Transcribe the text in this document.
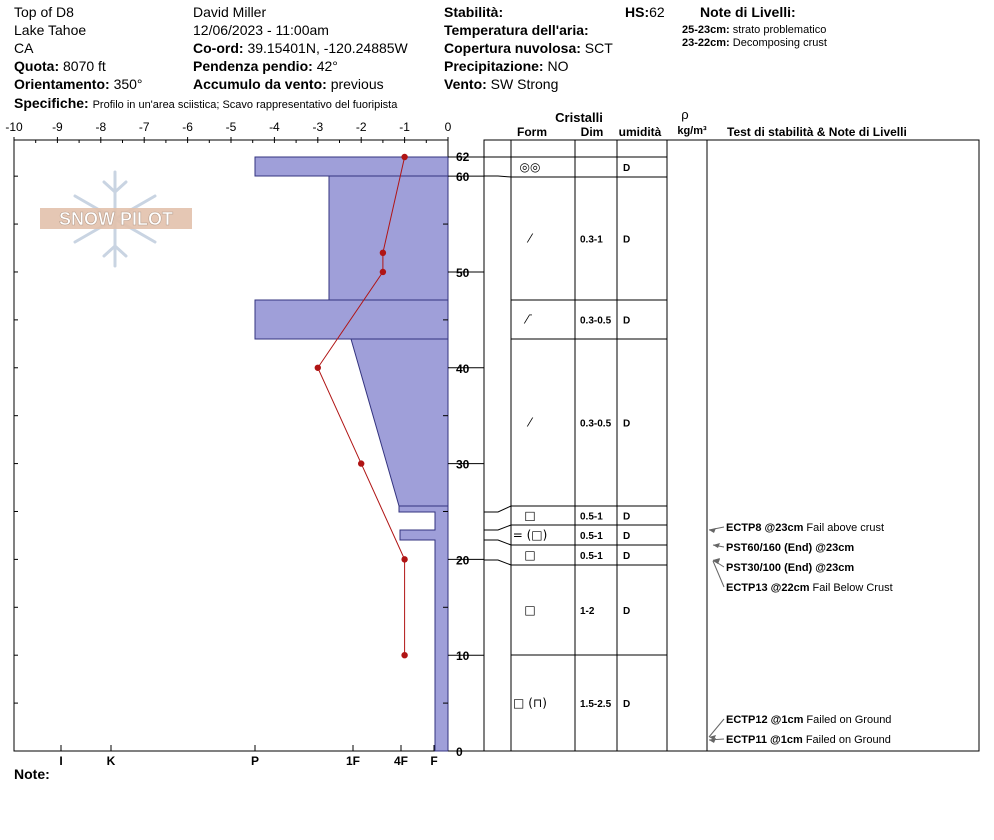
Top of D8
Lake Tahoe
CA
Quota: 8070 ft
Orientamento: 350°
Specifiche: Profilo in un'area sciistica; Scavo rappresentativo del fuoripista
David Miller
12/06/2023 - 11:00am
Co-ord: 39.15401N, -120.24885W
Pendenza pendio: 42°
Accumulo da vento: previous
Stabilità:
Temperatura dell'aria:
Copertura nuvolosa: SCT
Precipitazione: NO
Vento: SW Strong
HS:62	Note di Livelli:
25-23cm: strato problematico
23-22cm: Decomposing crust
Note:
SNOW PILOT
Cristalli
Form	Dim umidità
ρ
kg/m³ Test di stabilità & Note di Livelli
-10 -9	-8	-7	-6	-5	-4	-3	-2	-1	0
I	K	P	1F	4F F
0
10
20
30
40
50
60
62
◎◎	D
⁄	0.3-1 D
⁄˙	0.3-0.5 D
⁄	0.3-0.5 D
□	0.5-1 D
= (□)	0.5-1 D
□	0.5-1 D
□	1-2	D
□ (⊓)	1.5-2.5 D
ECTP8 @23cm Fail above crust
PST60/160 (End) @23cm
PST30/100 (End) @23cm
ECTP13 @22cm Fail Below Crust
ECTP12 @1cm Failed on Ground
ECTP11 @1cm Failed on Ground
